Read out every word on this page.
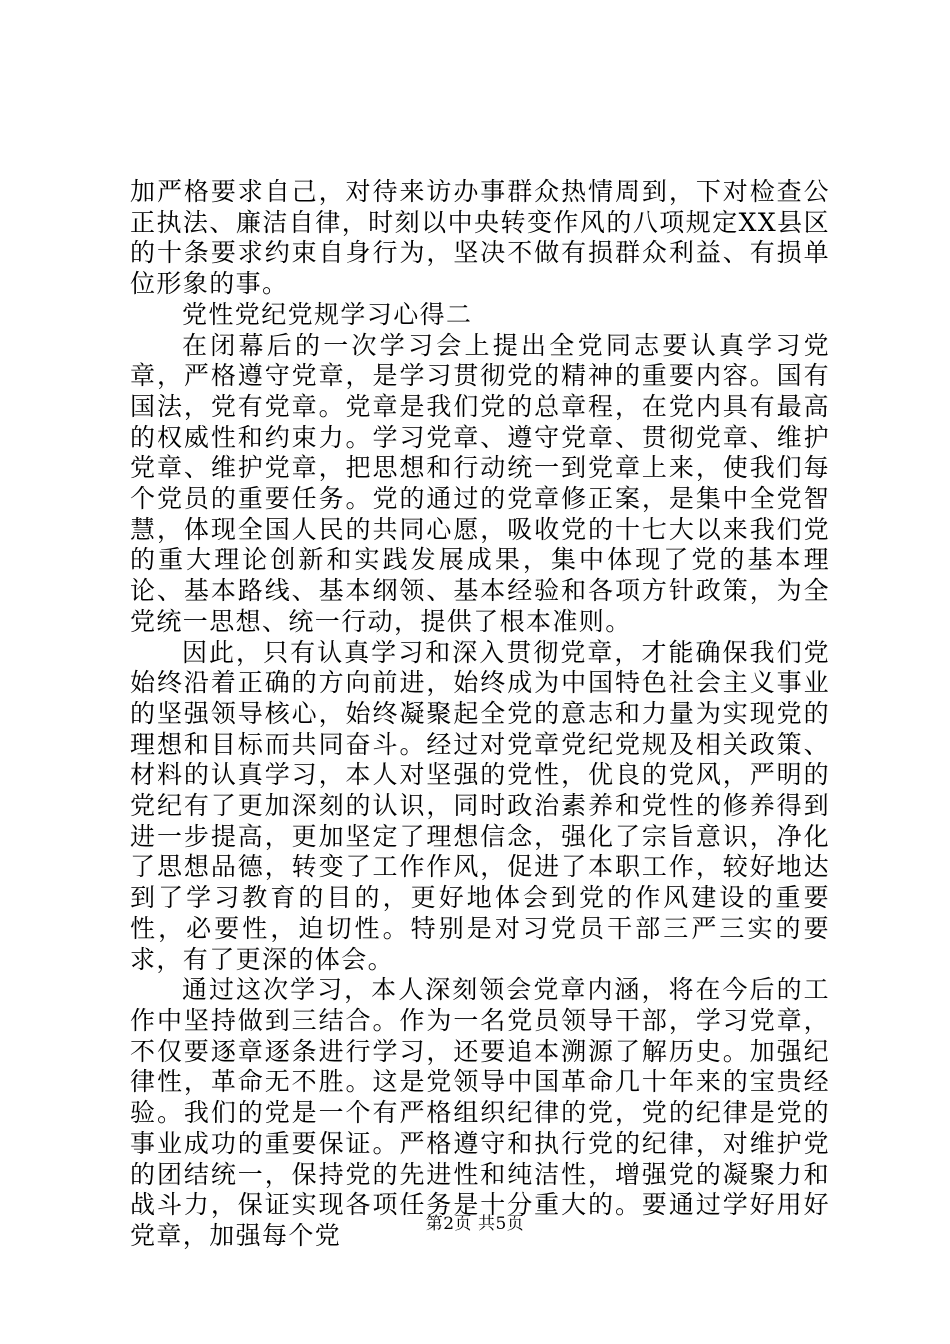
加严格要求自己，对待来访办事群众热情周到，下对检查公正执法、廉洁自律，时刻以中央转变作风的八项规定XX县区的十条要求约束自身行为，坚决不做有损群众利益、有损单位形象的事。

党性党纪党规学习心得二

在闭幕后的一次学习会上提出全党同志要认真学习党章，严格遵守党章，是学习贯彻党的精神的重要内容。国有国法，党有党章。党章是我们党的总章程，在党内具有最高的权威性和约束力。学习党章、遵守党章、贯彻党章、维护党章、维护党章，把思想和行动统一到党章上来，使我们每个党员的重要任务。党的通过的党章修正案，是集中全党智慧，体现全国人民的共同心愿，吸收党的十七大以来我们党的重大理论创新和实践发展成果，集中体现了党的基本理论、基本路线、基本纲领、基本经验和各项方针政策，为全党统一思想、统一行动，提供了根本准则。

因此，只有认真学习和深入贯彻党章，才能确保我们党始终沿着正确的方向前进，始终成为中国特色社会主义事业的坚强领导核心，始终凝聚起全党的意志和力量为实现党的理想和目标而共同奋斗。经过对党章党纪党规及相关政策、材料的认真学习，本人对坚强的党性，优良的党风，严明的党纪有了更加深刻的认识，同时政治素养和党性的修养得到进一步提高，更加坚定了理想信念，强化了宗旨意识，净化了思想品德，转变了工作作风，促进了本职工作，较好地达到了学习教育的目的，更好地体会到党的作风建设的重要性，必要性，迫切性。特别是对习党员干部三严三实的要求，有了更深的体会。

通过这次学习，本人深刻领会党章内涵，将在今后的工作中坚持做到三结合。作为一名党员领导干部，学习党章，不仅要逐章逐条进行学习，还要追本溯源了解历史。加强纪律性，革命无不胜。这是党领导中国革命几十年来的宝贵经验。我们的党是一个有严格组织纪律的党，党的纪律是党的事业成功的重要保证。严格遵守和执行党的纪律，对维护党的团结统一，保持党的先进性和纯洁性，增强党的凝聚力和战斗力，保证实现各项任务是十分重大的。要通过学好用好党章，加强每个党	第2页 共5页
